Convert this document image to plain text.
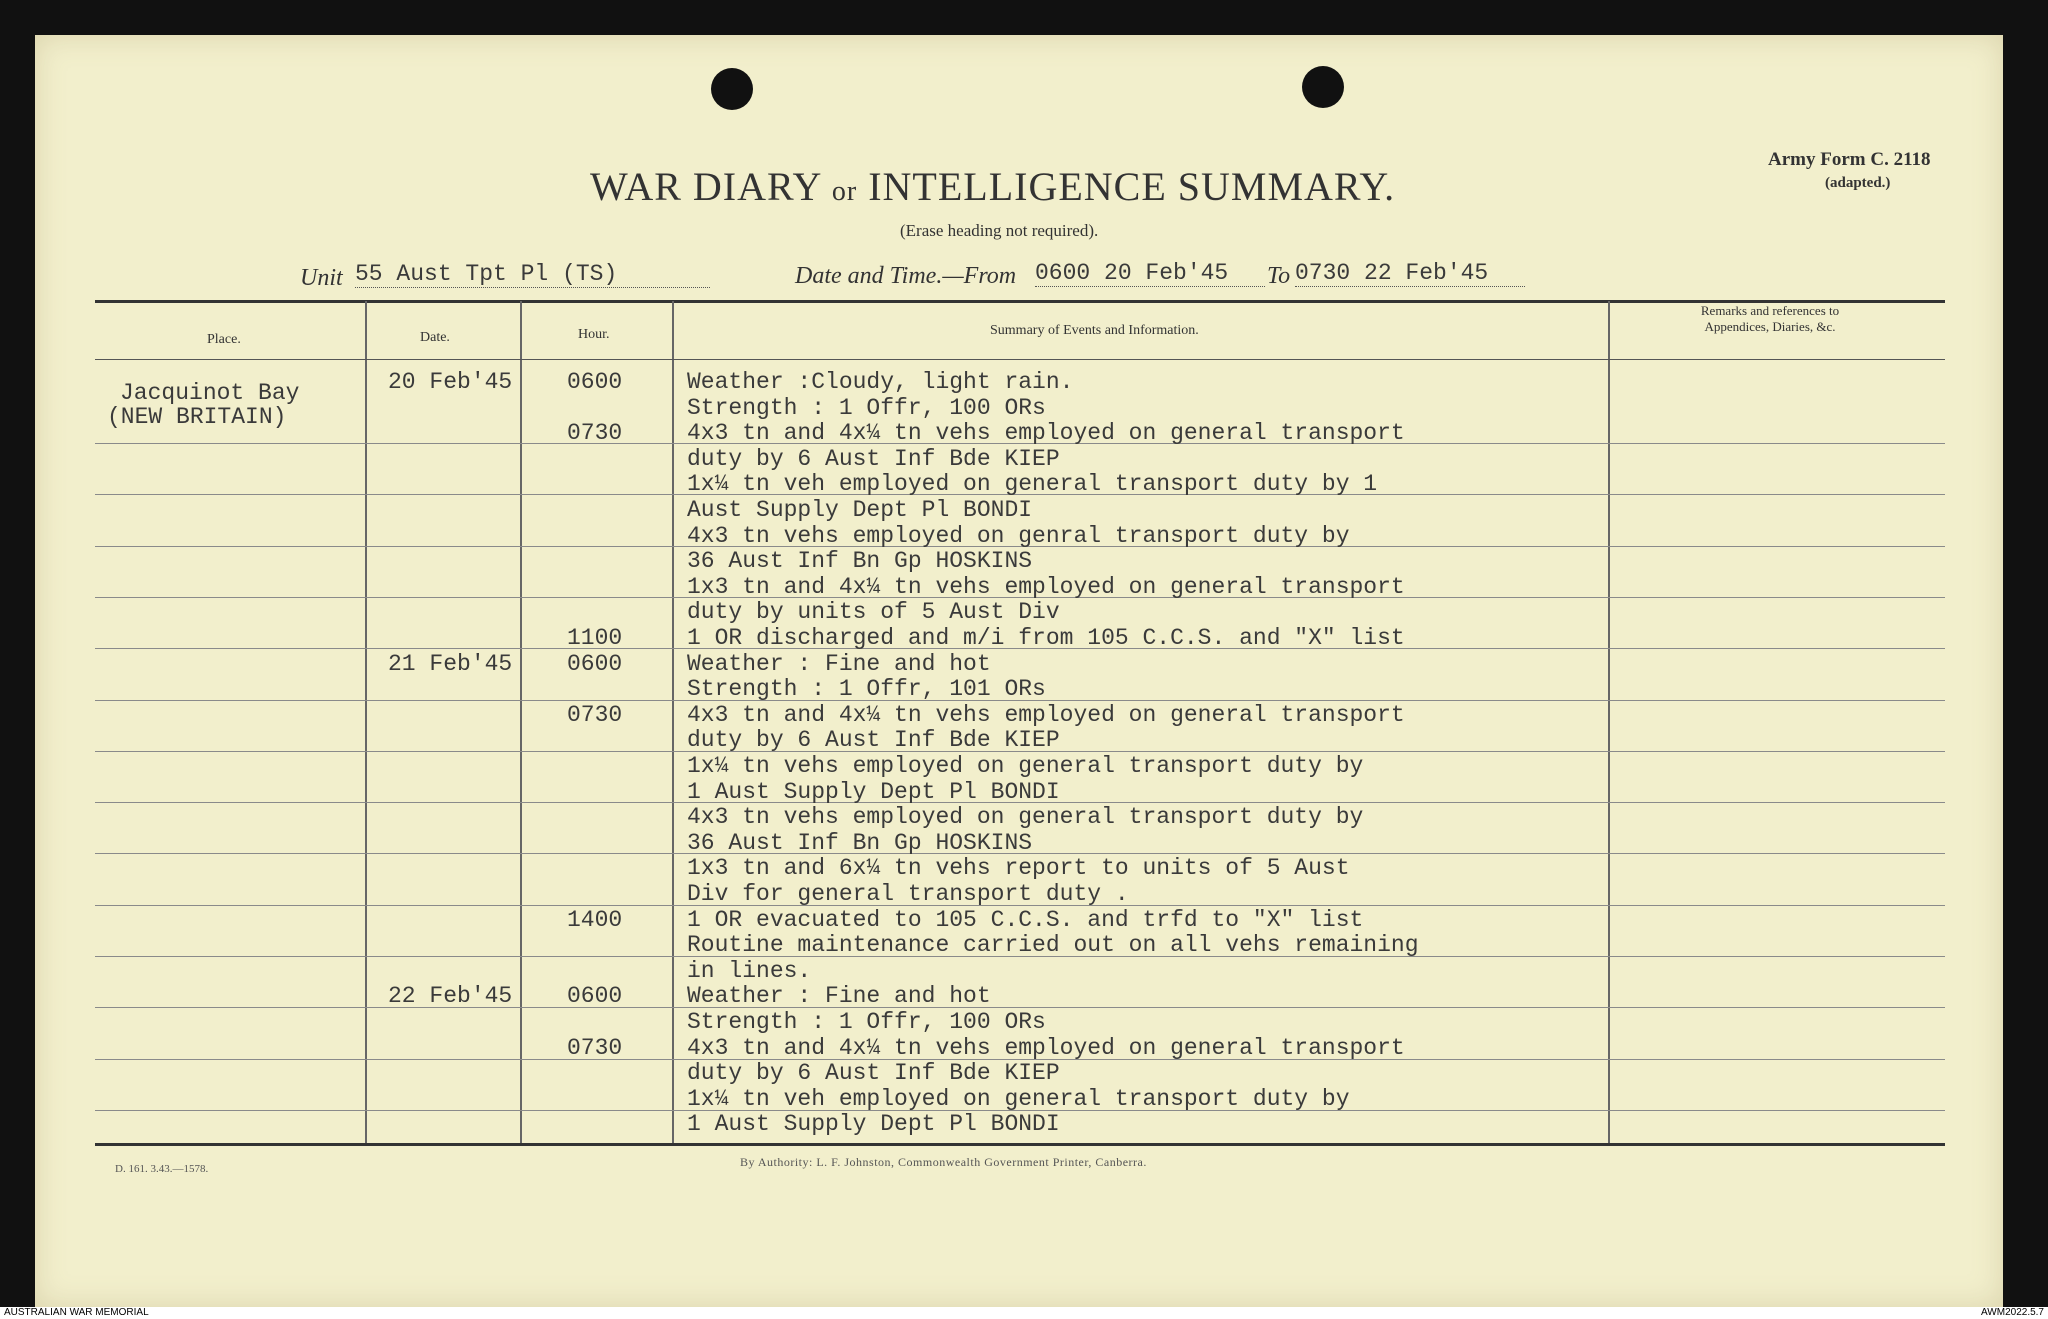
WAR DIARY or INTELLIGENCE SUMMARY.
(Erase heading not required).
Army Form C. 2118
(adapted.)
Unit 55 Aust Tpt Pl (TS)	Date and Time.—From 0600 20 Feb'45	To 0730 22 Feb'45
Place.	Date.	Hour.	Summary of Events and Information.
Remarks and references to
Appendices, Diaries, &c.
Jacquinot Bay
(NEW BRITAIN)
20 Feb'45 0600	Weather :Cloudy, light rain.
Strength : 1 Offr, 100 ORs
0730	4x3 tn and 4x¼ tn vehs employed on general transport
duty by 6 Aust Inf Bde KIEP
1x¼ tn veh employed on general transport duty by 1
Aust Supply Dept Pl BONDI
4x3 tn vehs employed on genral transport duty by
36 Aust Inf Bn Gp HOSKINS
1x3 tn and 4x¼ tn vehs employed on general transport
duty by units of 5 Aust Div
1100	1 OR discharged and m/i from 105 C.C.S. and "X" list
21 Feb'45 0600	Weather : Fine and hot
Strength : 1 Offr, 101 ORs
0730	4x3 tn and 4x¼ tn vehs employed on general transport
duty by 6 Aust Inf Bde KIEP
1x¼ tn vehs employed on general transport duty by
1 Aust Supply Dept Pl BONDI
4x3 tn vehs employed on general transport duty by
36 Aust Inf Bn Gp HOSKINS
1x3 tn and 6x¼ tn vehs report to units of 5 Aust
Div for general transport duty .
1400	1 OR evacuated to 105 C.C.S. and trfd to "X" list
Routine maintenance carried out on all vehs remaining
in lines.
22 Feb'45 0600	Weather : Fine and hot
Strength : 1 Offr, 100 ORs
0730	4x3 tn and 4x¼ tn vehs employed on general transport
duty by 6 Aust Inf Bde KIEP
1x¼ tn veh employed on general transport duty by
1 Aust Supply Dept Pl BONDI
D. 161. 3.43.—1578.	By Authority: L. F. Johnston, Commonwealth Government Printer, Canberra.
AUSTRALIAN WAR MEMORIAL	AWM2022.5.7
